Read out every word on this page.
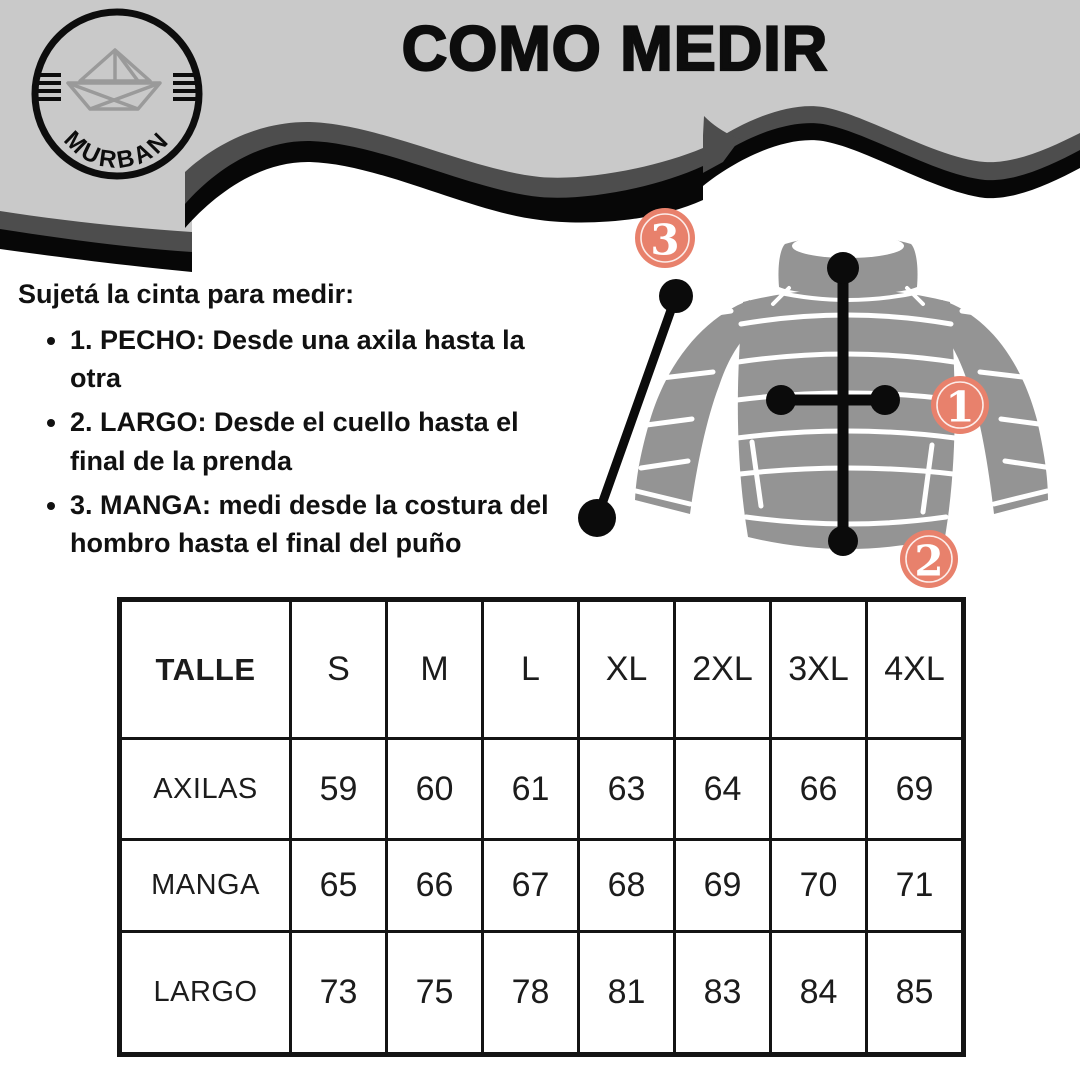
MURBAN
COMO MEDIR

Sujetá la cinta para medir:

• 1. PECHO: Desde una axila hasta la otra
• 2. LARGO: Desde el cuello hasta el final de la prenda
• 3. MANGA: medi desde la costura del hombro hasta el final del puño
3
1
2
TALLE	S	M	L	XL	2XL	3XL	4XL
AXILAS	59	60	61	63	64	66	69
MANGA	65	66	67	68	69	70	71
LARGO	73	75	78	81	83	84	85
